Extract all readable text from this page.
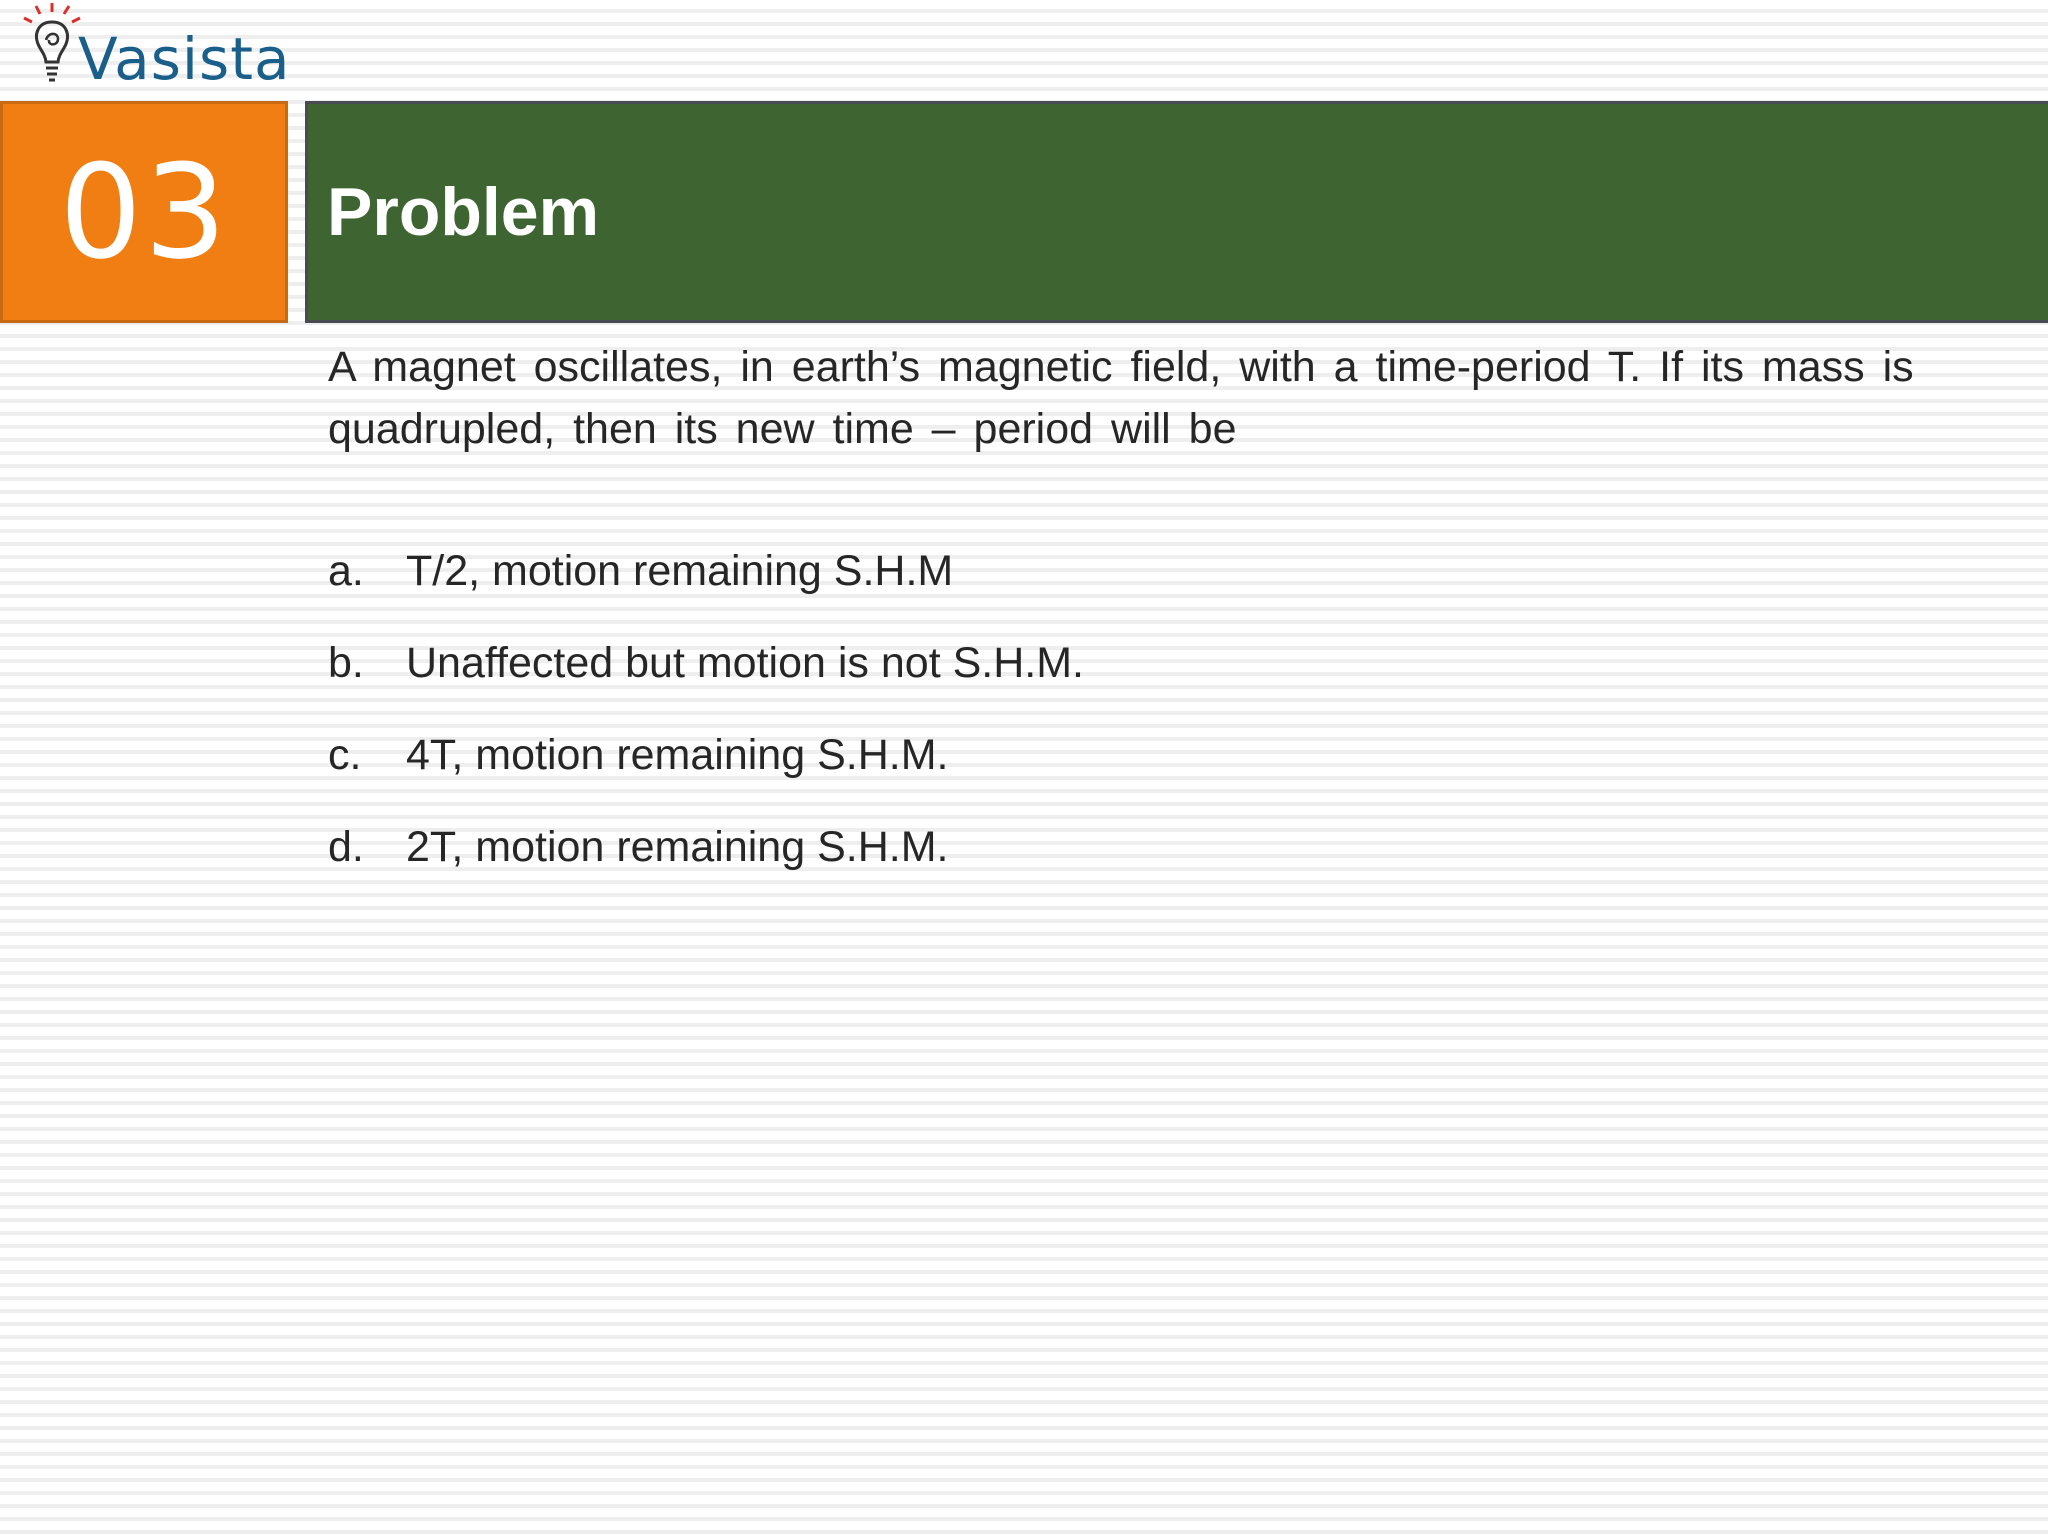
Vasista
03	Problem
A magnet oscillates, in earth’s magnetic field, with a time-period T. If its mass is quadrupled, then its new time – period will be
a. T/2, motion remaining S.H.M
b. Unaffected but motion is not S.H.M.
c.	4T, motion remaining S.H.M.
d. 2T, motion remaining S.H.M.
